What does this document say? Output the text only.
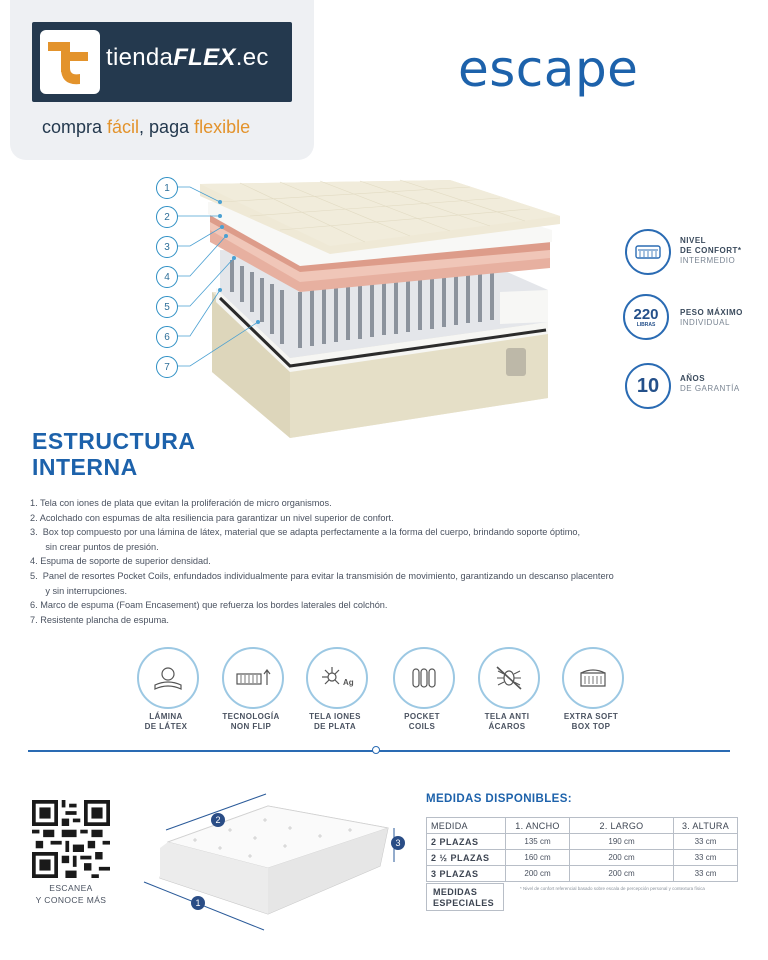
tiendaFLEX.ec
compra fácil, paga flexible
escape
1
2
3
4
5
6
7
NIVEL
DE CONFORT*
INTERMEDIO
220
LIBRAS
PESO MÁXIMO
INDIVIDUAL
10	AÑOS
DE GARANTÍA
ESTRUCTURA
INTERNA
1. Tela con iones de plata que evitan la proliferación de micro organismos.
2. Acolchado con espumas de alta resiliencia para garantizar un nivel superior de confort.
3.  Box top compuesto por una lámina de látex, material que se adapta perfectamente a la forma del cuerpo, brindando soporte óptimo,
sin crear puntos de presión.
4. Espuma de soporte de superior densidad.
5.  Panel de resortes Pocket Coils, enfundados individualmente para evitar la transmisión de movimiento, garantizando un descanso placentero
y sin interrupciones.
6. Marco de espuma (Foam Encasement) que refuerza los bordes laterales del colchón.
7. Resistente plancha de espuma.
Ag
LÁMINA
DE LÁTEX
TECNOLOGÍA
NON FLIP
TELA IONES
DE PLATA
POCKET
COILS
TELA ANTI
ÁCAROS
EXTRA SOFT
BOX TOP
ESCANEA
Y CONOCE MÁS	1
2
3
MEDIDAS DISPONIBLES:
MEDIDA	1. ANCHO	2. LARGO	3. ALTURA
2 PLAZAS	135 cm	190 cm	33 cm
2 ½ PLAZAS	160 cm	200 cm	33 cm
3 PLAZAS	200 cm	200 cm	33 cm
MEDIDAS
ESPECIALES
* Nivel de confort referencial basado sobre escala de percepción personal y contextura física
